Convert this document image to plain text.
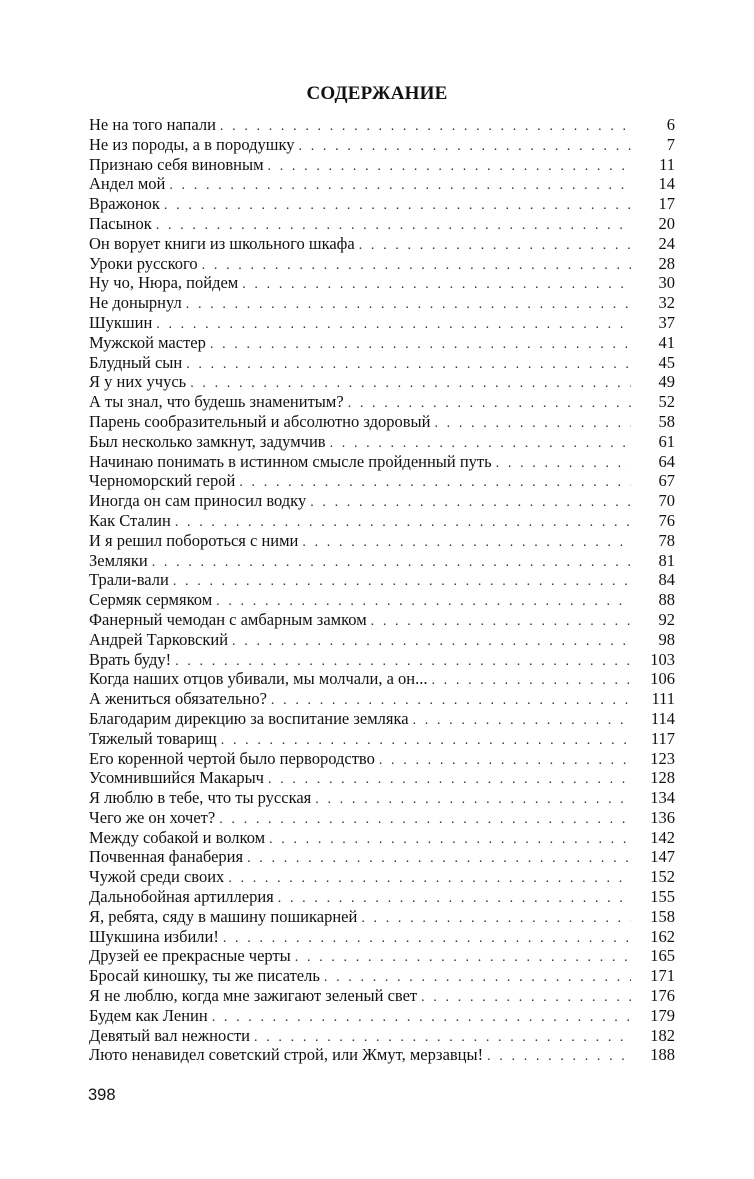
СОДЕРЖАНИЕ
Не на того напали . . .	6
Не из породы, а в породушку . . .	7
Признаю себя виновным . . .	11
Андел мой . . .	14
Вражонок . . .	17
Пасынок . . .	20
Он ворует книги из школьного шкафа . . .	24
Уроки русского . . .	28
Ну чо, Нюра, пойдем . . .	30
Не донырнул . . .	32
Шукшин . . .	37
Мужской мастер . . .	41
Блудный сын . . .	45
Я у них учусь . . .	49
А ты знал, что будешь знаменитым? . . .	52
Парень сообразительный и абсолютно здоровый . . .	58
Был несколько замкнут, задумчив . . .	61
Начинаю понимать в истинном смысле пройденный путь . . .	64
Черноморский герой . . .	67
Иногда он сам приносил водку . . .	70
Как Сталин . . .	76
И я решил побороться с ними . . .	78
Земляки . . .	81
Трали-вали . . .	84
Сермяк сермяком . . .	88
Фанерный чемодан с амбарным замком . . .	92
Андрей Тарковский . . .	98
Врать буду! . . .	103
Когда наших отцов убивали, мы молчали, а он... . . .	106
А жениться обязательно? . . .	111
Благодарим дирекцию за воспитание земляка . . .	114
Тяжелый товарищ . . .	117
Его коренной чертой было первородство . . .	123
Усомнившийся Макарыч . . .	128
Я люблю в тебе, что ты русская . . .	134
Чего же он хочет? . . .	136
Между собакой и волком . . .	142
Почвенная фанаберия . . .	147
Чужой среди своих . . .	152
Дальнобойная артиллерия . . .	155
Я, ребята, сяду в машину пошикарней . . .	158
Шукшина избили! . . .	162
Друзей ее прекрасные черты . . .	165
Бросай киношку, ты же писатель . . .	171
Я не люблю, когда мне зажигают зеленый свет . . .	176
Будем как Ленин . . .	179
Девятый вал нежности . . .	182
Люто ненавидел советский строй, или Жмут, мерзавцы! . . .	188
398
